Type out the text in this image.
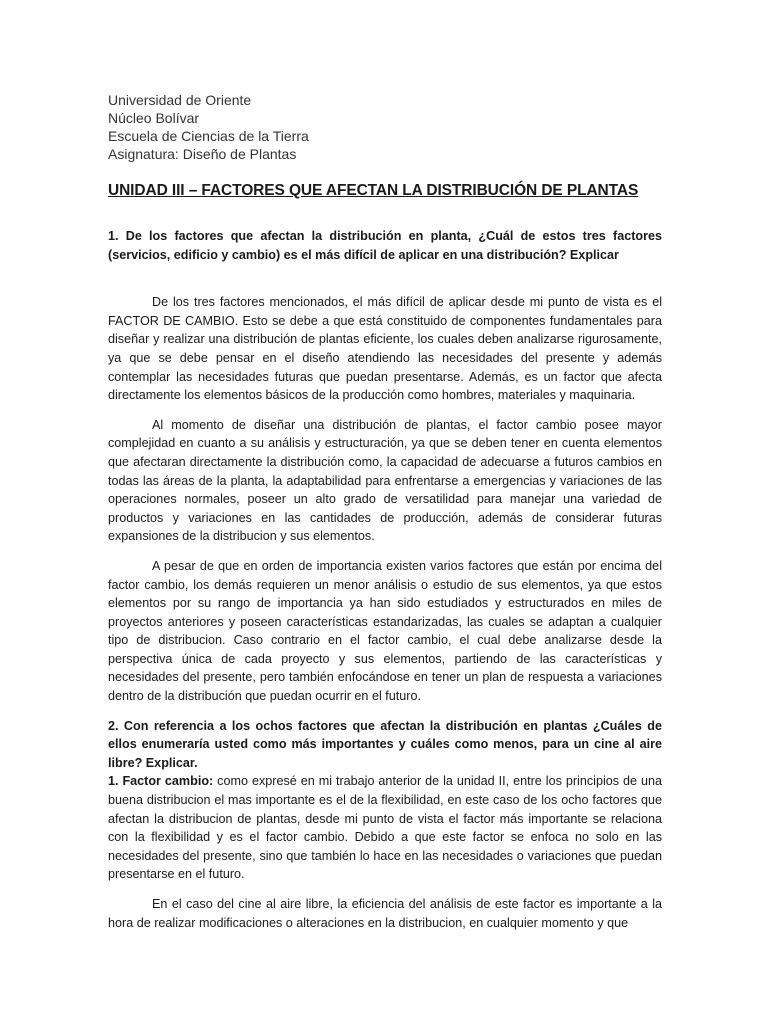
Universidad de Oriente
Núcleo Bolívar
Escuela de Ciencias de la Tierra
Asignatura: Diseño de Plantas
UNIDAD III – FACTORES QUE AFECTAN LA DISTRIBUCIÓN DE PLANTAS

1. De los factores que afectan la distribución en planta, ¿Cuál de estos tres factores (servicios, edificio y cambio) es el más difícil de aplicar en una distribución? Explicar

De los tres factores mencionados, el más difícil de aplicar desde mi punto de vista es el FACTOR DE CAMBIO. Esto se debe a que está constituido de componentes fundamentales para diseñar y realizar una distribución de plantas eficiente, los cuales deben analizarse rigurosamente, ya que se debe pensar en el diseño atendiendo las necesidades del presente y además contemplar las necesidades futuras que puedan presentarse. Además, es un factor que afecta directamente los elementos básicos de la producción como hombres, materiales y maquinaria.

Al momento de diseñar una distribución de plantas, el factor cambio posee mayor complejidad en cuanto a su análisis y estructuración, ya que se deben tener en cuenta elementos que afectaran directamente la distribución como, la capacidad de adecuarse a futuros cambios en todas las áreas de la planta, la adaptabilidad para enfrentarse a emergencias y variaciones de las operaciones normales, poseer un alto grado de versatilidad para manejar una variedad de productos y variaciones en las cantidades de producción, además de considerar futuras expansiones de la distribucion y sus elementos.

A pesar de que en orden de importancia existen varios factores que están por encima del factor cambio, los demás requieren un menor análisis o estudio de sus elementos, ya que estos elementos por su rango de importancia ya han sido estudiados y estructurados en miles de proyectos anteriores y poseen características estandarizadas, las cuales se adaptan a cualquier tipo de distribucion. Caso contrario en el factor cambio, el cual debe analizarse desde la perspectiva única de cada proyecto y sus elementos, partiendo de las características y necesidades del presente, pero también enfocándose en tener un plan de respuesta a variaciones dentro de la distribución que puedan ocurrir en el futuro.

2. Con referencia a los ochos factores que afectan la distribución en plantas ¿Cuáles de ellos enumeraría usted como más importantes y cuáles como menos, para un cine al aire libre? Explicar.

1. Factor cambio: como expresé en mi trabajo anterior de la unidad II, entre los principios de una buena distribucion el mas importante es el de la flexibilidad, en este caso de los ocho factores que afectan la distribucion de plantas, desde mi punto de vista el factor más importante se relaciona con la flexibilidad y es el factor cambio. Debido a que este factor se enfoca no solo en las necesidades del presente, sino que también lo hace en las necesidades o variaciones que puedan presentarse en el futuro.

En el caso del cine al aire libre, la eficiencia del análisis de este factor es importante a la hora de realizar modificaciones o alteraciones en la distribucion, en cualquier momento y que
